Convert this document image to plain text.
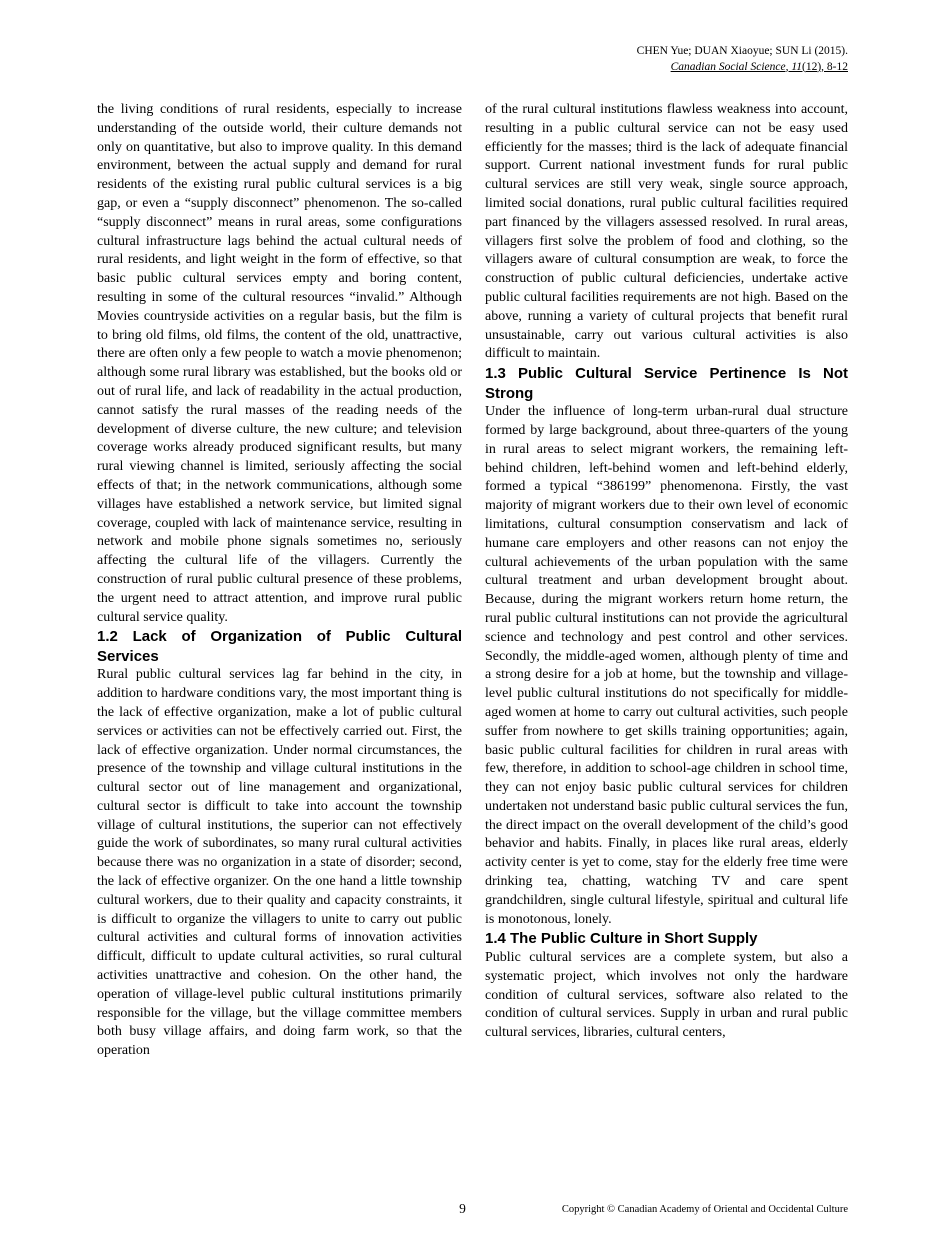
CHEN Yue; DUAN Xiaoyue; SUN Li (2015).
Canadian Social Science, 11(12), 8-12

the living conditions of rural residents, especially to increase understanding of the outside world, their culture demands not only on quantitative, but also to improve quality. In this demand environment, between the actual supply and demand for rural residents of the existing rural public cultural services is a big gap, or even a “supply disconnect” phenomenon. The so-called “supply disconnect” means in rural areas, some configurations cultural infrastructure lags behind the actual cultural needs of rural residents, and light weight in the form of effective, so that basic public cultural services empty and boring content, resulting in some of the cultural resources “invalid.” Although Movies countryside activities on a regular basis, but the film is to bring old films, old films, the content of the old, unattractive, there are often only a few people to watch a movie phenomenon; although some rural library was established, but the books old or out of rural life, and lack of readability in the actual production, cannot satisfy the rural masses of the reading needs of the development of diverse culture, the new culture; and television coverage works already produced significant results, but many rural viewing channel is limited, seriously affecting the social effects of that; in the network communications, although some villages have established a network service, but limited signal coverage, coupled with lack of maintenance service, resulting in network and mobile phone signals sometimes no, seriously affecting the cultural life of the villagers. Currently the construction of rural public cultural presence of these problems, the urgent need to attract attention, and improve rural public cultural service quality.

1.2 Lack of Organization of Public Cultural Services

Rural public cultural services lag far behind in the city, in addition to hardware conditions vary, the most important thing is the lack of effective organization, make a lot of public cultural services or activities can not be effectively carried out. First, the lack of effective organization. Under normal circumstances, the presence of the township and village cultural institutions in the cultural sector out of line management and organizational, cultural sector is difficult to take into account the township village of cultural institutions, the superior can not effectively guide the work of subordinates, so many rural cultural activities because there was no organization in a state of disorder; second, the lack of effective organizer. On the one hand a little township cultural workers, due to their quality and capacity constraints, it is difficult to organize the villagers to unite to carry out public cultural activities and cultural forms of innovation activities difficult, difficult to update cultural activities, so rural cultural activities unattractive and cohesion. On the other hand, the operation of village-level public cultural institutions primarily responsible for the village, but the village committee members both busy village affairs, and doing farm work, so that the operation

of the rural cultural institutions flawless weakness into account, resulting in a public cultural service can not be easy used efficiently for the masses; third is the lack of adequate financial support. Current national investment funds for rural public cultural services are still very weak, single source approach, limited social donations, rural public cultural facilities required part financed by the villagers assessed resolved. In rural areas, villagers first solve the problem of food and clothing, so the villagers aware of cultural consumption are weak, to force the construction of public cultural deficiencies, undertake active public cultural facilities requirements are not high. Based on the above, running a variety of cultural projects that benefit rural unsustainable, carry out various cultural activities is also difficult to maintain.

1.3 Public Cultural Service Pertinence Is Not Strong

Under the influence of long-term urban-rural dual structure formed by large background, about three-quarters of the young in rural areas to select migrant workers, the remaining left-behind children, left-behind women and left-behind elderly, formed a typical “386199” phenomenona. Firstly, the vast majority of migrant workers due to their own level of economic limitations, cultural consumption conservatism and lack of humane care employers and other reasons can not enjoy the cultural achievements of the urban population with the same cultural treatment and urban development brought about. Because, during the migrant workers return home return, the rural public cultural institutions can not provide the agricultural science and technology and pest control and other services. Secondly, the middle-aged women, although plenty of time and a strong desire for a job at home, but the township and village-level public cultural institutions do not specifically for middle-aged women at home to carry out cultural activities, such people suffer from nowhere to get skills training opportunities; again, basic public cultural facilities for children in rural areas with few, therefore, in addition to school-age children in school time, they can not enjoy basic public cultural services for children undertaken not understand basic public cultural services the fun, the direct impact on the overall development of the child’s good behavior and habits. Finally, in places like rural areas, elderly activity center is yet to come, stay for the elderly free time were drinking tea, chatting, watching TV and care spent grandchildren, single cultural lifestyle, spiritual and cultural life is monotonous, lonely.

1.4 The Public Culture in Short Supply

Public cultural services are a complete system, but also a systematic project, which involves not only the hardware condition of cultural services, software also related to the condition of cultural services. Supply in urban and rural public cultural services, libraries, cultural centers,

9	Copyright © Canadian Academy of Oriental and Occidental Culture
